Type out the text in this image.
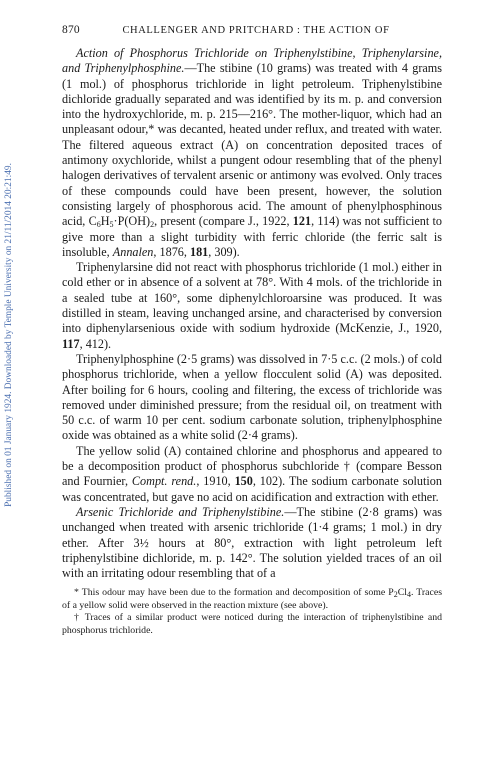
Published on 01 January 1924. Downloaded by Temple University on 21/11/2014 20:21:49.
870	CHALLENGER AND PRITCHARD : THE ACTION OF

Action of Phosphorus Trichloride on Triphenylstibine, Triphenylarsine, and Triphenylphosphine.—The stibine (10 grams) was treated with 4 grams (1 mol.) of phosphorus trichloride in light petroleum. Triphenylstibine dichloride gradually separated and was identified by its m. p. and conversion into the hydroxychloride, m. p. 215—216°. The mother-liquor, which had an unpleasant odour,* was decanted, heated under reflux, and treated with water. The filtered aqueous extract (A) on concentration deposited traces of antimony oxychloride, whilst a pungent odour resembling that of the phenyl halogen derivatives of tervalent arsenic or antimony was evolved. Only traces of these compounds could have been present, however, the solution consisting largely of phosphorous acid. The amount of phenylphosphinous acid, $C_6H_5\cdot P(OH)_2$, present (compare J., 1922, 121, 114) was not sufficient to give more than a slight turbidity with ferric chloride (the ferric salt is insoluble, Annalen, 1876, 181, 309).

Triphenylarsine did not react with phosphorus trichloride (1 mol.) either in cold ether or in absence of a solvent at 78°. With 4 mols. of the trichloride in a sealed tube at 160°, some diphenylchloroarsine was produced. It was distilled in steam, leaving unchanged arsine, and characterised by conversion into diphenylarsenious oxide with sodium hydroxide (McKenzie, J., 1920, 117, 412).

Triphenylphosphine (2·5 grams) was dissolved in 7·5 c.c. (2 mols.) of cold phosphorus trichloride, when a yellow flocculent solid (A) was deposited. After boiling for 6 hours, cooling and filtering, the excess of trichloride was removed under diminished pressure; from the residual oil, on treatment with 50 c.c. of warm 10 per cent. sodium carbonate solution, triphenylphosphine oxide was obtained as a white solid (2·4 grams).

The yellow solid (A) contained chlorine and phosphorus and appeared to be a decomposition product of phosphorus subchloride † (compare Besson and Fournier, Compt. rend., 1910, 150, 102). The sodium carbonate solution was concentrated, but gave no acid on acidification and extraction with ether.

Arsenic Trichloride and Triphenylstibine.—The stibine (2·8 grams) was unchanged when treated with arsenic trichloride (1·4 grams; 1 mol.) in dry ether. After 3½ hours at 80°, extraction with light petroleum left triphenylstibine dichloride, m. p. 142°. The solution yielded traces of an oil with an irritating odour resembling that of a

* This odour may have been due to the formation and decomposition of some $P_2Cl_4$. Traces of a yellow solid were observed in the reaction mixture (see above).

† Traces of a similar product were noticed during the interaction of triphenylstibine and phosphorus trichloride.
